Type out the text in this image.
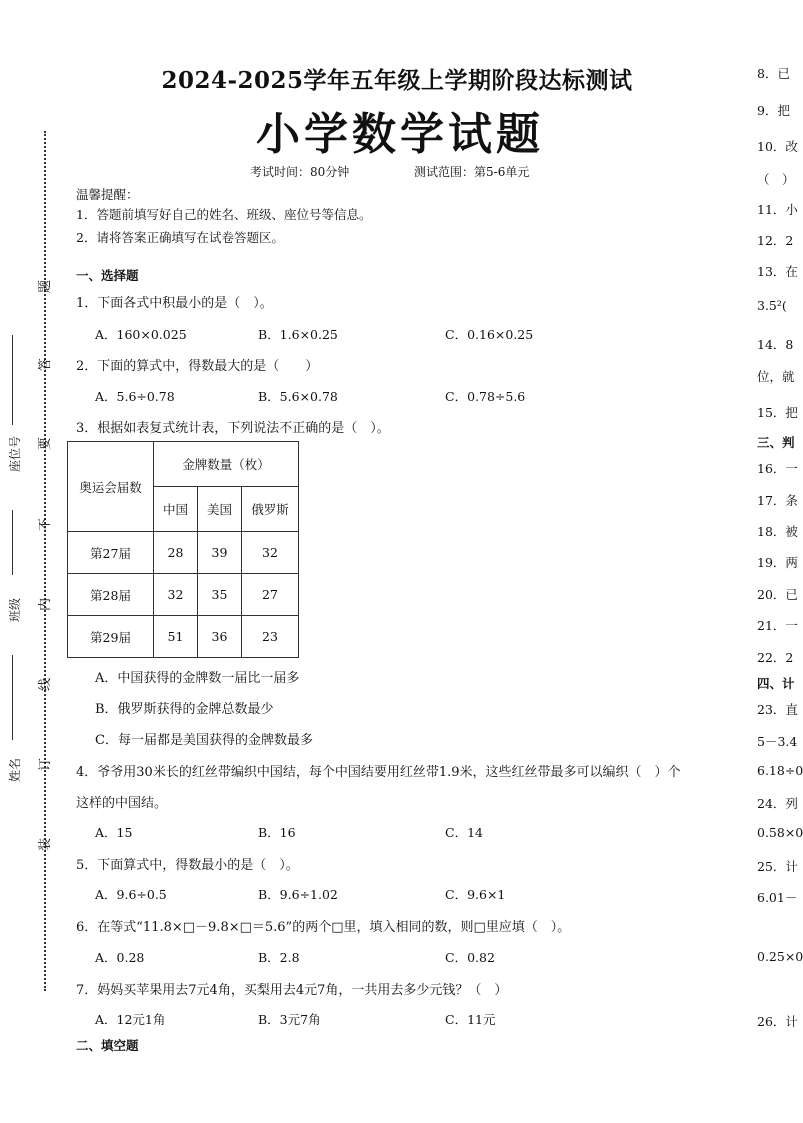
题
答
要
不
内
线
订
装
座位号
班级
姓名
2024-2025学年五年级上学期阶段达标测试
小学数学试题
考试时间：80分钟	测试范围：第5-6单元
温馨提醒：
1．答题前填写好自己的姓名、班级、座位号等信息。
2．请将答案正确填写在试卷答题区。
一、选择题
1．下面各式中积最小的是（　）。
A．160×0.025	B．1.6×0.25	C．0.16×0.25
2．下面的算式中，得数最大的是（　　）
A．5.6÷0.78	B．5.6×0.78	C．0.78÷5.6
3．根据如表复式统计表，下列说法不正确的是（　）。
奥运会届数	金牌数量（枚）		
	中国	美国	俄罗斯
第27届	28	39	32
第28届	32	35	27
第29届	51	36	23
A．中国获得的金牌数一届比一届多
B．俄罗斯获得的金牌总数最少
C．每一届都是美国获得的金牌数最多
4．爷爷用30米长的红丝带编织中国结，每个中国结要用红丝带1.9米，这些红丝带最多可以编织（　）个
这样的中国结。
A．15	B．16	C．14
5．下面算式中，得数最小的是（　）。
A．9.6÷0.5	B．9.6÷1.02	C．9.6×1
6．在等式“11.8×□－9.8×□＝5.6”的两个□里，填入相同的数，则□里应填（　）。
A．0.28	B．2.8	C．0.82
7．妈妈买苹果用去7元4角，买梨用去4元7角，一共用去多少元钱？（　）
A．12元1角	B．3元7角	C．11元
二、填空题
8．已
9．把
10．改
（　）
11．小
12．2
13．在
3.5²(
14．8
位，就
15．把
三、判
16．一
17．条
18．被
19．两
20．已
21．一
22．2
四、计
23．直
5－3.4
6.18÷0
24．列
0.58×0
25．计
6.01－
0.25×0
26．计
